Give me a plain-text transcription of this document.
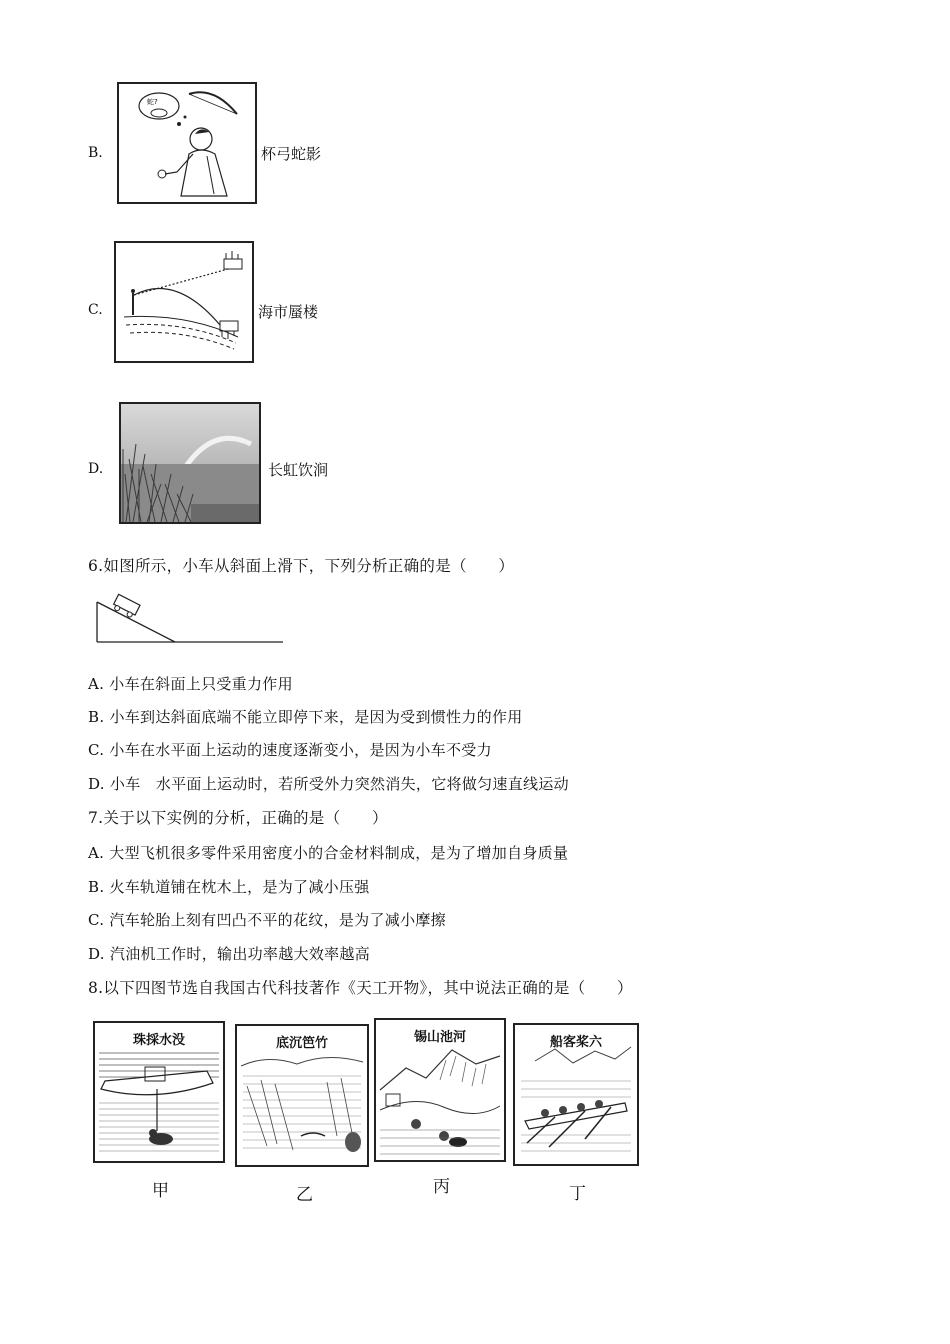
B.
蛇?
杯弓蛇影
C.	海市蜃楼
D.	长虹饮涧
6.如图所示，小车从斜面上滑下，下列分析正确的是（　　）
A. 小车在斜面上只受重力作用
B. 小车到达斜面底端不能立即停下来，是因为受到惯性力的作用
C. 小车在水平面上运动的速度逐渐变小，是因为小车不受力
D. 小车　水平面上运动时，若所受外力突然消失，它将做匀速直线运动
7.关于以下实例的分析，正确的是（　　）
A. 大型飞机很多零件采用密度小的合金材料制成，是为了增加自身质量
B. 火车轨道铺在枕木上，是为了减小压强
C. 汽车轮胎上刻有凹凸不平的花纹，是为了减小摩擦
D. 汽油机工作时，输出功率越大效率越高
8.以下四图节选自我国古代科技著作《天工开物》，其中说法正确的是（　　）
珠採水没
甲
底沉笆竹
乙
锡山池河
丙
船客桨六
丁
